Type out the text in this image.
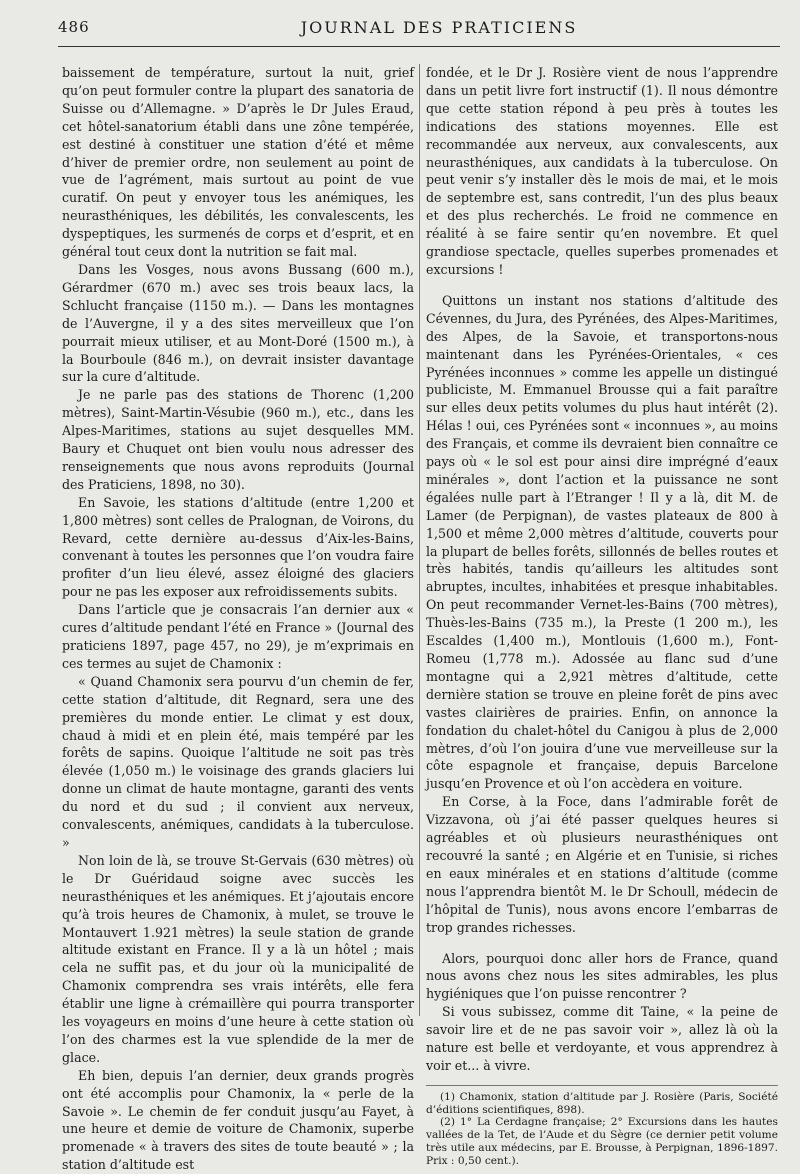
486	JOURNAL DES PRATICIENS

baissement de température, surtout la nuit, grief qu’on peut formuler contre la plupart des sanatoria de Suisse ou d’Allemagne. » D’après le Dr Jules Eraud, cet hôtel-sanatorium établi dans une zône tempérée, est destiné à constituer une station d’été et même d’hiver de premier ordre, non seulement au point de vue de l’agrément, mais surtout au point de vue curatif. On peut y envoyer tous les anémiques, les neurasthéniques, les débilités, les convalescents, les dyspeptiques, les surmenés de corps et d’esprit, et en général tout ceux dont la nutrition se fait mal.

Dans les Vosges, nous avons Bussang (600 m.), Gérardmer (670 m.) avec ses trois beaux lacs, la Schlucht française (1150 m.). — Dans les montagnes de l’Auvergne, il y a des sites merveilleux que l’on pourrait mieux utiliser, et au Mont-Doré (1500 m.), à la Bourboule (846 m.), on devrait insister davantage sur la cure d’altitude.

Je ne parle pas des stations de Thorenc (1,200 mètres), Saint-Martin-Vésubie (960 m.), etc., dans les Alpes-Maritimes, stations au sujet desquelles MM. Baury et Chuquet ont bien voulu nous adresser des renseignements que nous avons reproduits (Journal des Praticiens, 1898, no 30).

En Savoie, les stations d’altitude (entre 1,200 et 1,800 mètres) sont celles de Pralognan, de Voirons, du Revard, cette dernière au-dessus d’Aix-les-Bains, convenant à toutes les personnes que l’on voudra faire profiter d’un lieu élevé, assez éloigné des glaciers pour ne pas les exposer aux refroidissements subits.

Dans l’article que je consacrais l’an dernier aux « cures d’altitude pendant l’été en France » (Journal des praticiens 1897, page 457, no 29), je m’exprimais en ces termes au sujet de Chamonix :

« Quand Chamonix sera pourvu d’un chemin de fer, cette station d’altitude, dit Regnard, sera une des premières du monde entier. Le climat y est doux, chaud à midi et en plein été, mais tempéré par les forêts de sapins. Quoique l’altitude ne soit pas très élevée (1,050 m.) le voisinage des grands glaciers lui donne un climat de haute montagne, garanti des vents du nord et du sud ; il convient aux nerveux, convalescents, anémiques, candidats à la tuberculose. »

Non loin de là, se trouve St-Gervais (630 mètres) où le Dr Guéridaud soigne avec succès les neurasthéniques et les anémiques. Et j’ajoutais encore qu’à trois heures de Chamonix, à mulet, se trouve le Montauvert 1.921 mètres) la seule station de grande altitude existant en France. Il y a là un hôtel ; mais cela ne suffit pas, et du jour où la municipalité de Chamonix comprendra ses vrais intérêts, elle fera établir une ligne à crémaillère qui pourra transporter les voyageurs en moins d’une heure à cette station où l’on des charmes est la vue splendide de la mer de glace.

Eh bien, depuis l’an dernier, deux grands progrès ont été accomplis pour Chamonix, la « perle de la Savoie ». Le chemin de fer conduit jusqu’au Fayet, à une heure et demie de voiture de Chamonix, superbe promenade « à travers des sites de toute beauté » ; la station d’altitude est

fondée, et le Dr J. Rosière vient de nous l’apprendre dans un petit livre fort instructif (1). Il nous démontre que cette station répond à peu près à toutes les indications des stations moyennes. Elle est recommandée aux nerveux, aux convalescents, aux neurasthéniques, aux candidats à la tuberculose. On peut venir s’y installer dès le mois de mai, et le mois de septembre est, sans contredit, l’un des plus beaux et des plus recherchés. Le froid ne commence en réalité à se faire sentir qu’en novembre. Et quel grandiose spectacle, quelles superbes promenades et excursions !

Quittons un instant nos stations d’altitude des Cévennes, du Jura, des Pyrénées, des Alpes-Maritimes, des Alpes, de la Savoie, et transportons-nous maintenant dans les Pyrénées-Orientales, « ces Pyrénées inconnues » comme les appelle un distingué publiciste, M. Emmanuel Brousse qui a fait paraître sur elles deux petits volumes du plus haut intérêt (2). Hélas ! oui, ces Pyrénées sont « inconnues », au moins des Français, et comme ils devraient bien connaître ce pays où « le sol est pour ainsi dire imprégné d’eaux minérales », dont l’action et la puissance ne sont égalées nulle part à l’Etranger ! Il y a là, dit M. de Lamer (de Perpignan), de vastes plateaux de 800 à 1,500 et même 2,000 mètres d’altitude, couverts pour la plupart de belles forêts, sillonnés de belles routes et très habités, tandis qu’ailleurs les altitudes sont abruptes, incultes, inhabitées et presque inhabitables. On peut recommander Vernet-les-Bains (700 mètres), Thuès-les-Bains (735 m.), la Preste (1 200 m.), les Escaldes (1,400 m.), Montlouis (1,600 m.), Font-Romeu (1,778 m.). Adossée au flanc sud d’une montagne qui a 2,921 mètres d’altitude, cette dernière station se trouve en pleine forêt de pins avec vastes clairières de prairies. Enfin, on annonce la fondation du chalet-hôtel du Canigou à plus de 2,000 mètres, d’où l’on jouira d’une vue merveilleuse sur la côte espagnole et française, depuis Barcelone jusqu’en Provence et où l’on accèdera en voiture.

En Corse, à la Foce, dans l’admirable forêt de Vizzavona, où j’ai été passer quelques heures si agréables et où plusieurs neurasthéniques ont recouvré la santé ; en Algérie et en Tunisie, si riches en eaux minérales et en stations d’altitude (comme nous l’apprendra bientôt M. le Dr Schoull, médecin de l’hôpital de Tunis), nous avons encore l’embarras de trop grandes richesses.

Alors, pourquoi donc aller hors de France, quand nous avons chez nous les sites admirables, les plus hygiéniques que l’on puisse rencontrer ?

Si vous subissez, comme dit Taine, « la peine de savoir lire et de ne pas savoir voir », allez là où la nature est belle et verdoyante, et vous apprendrez à voir et... à vivre.

(1) Chamonix, station d’altitude par J. Rosière (Paris, Société d’éditions scientifiques, 898).

(2) 1° La Cerdagne française; 2° Excursions dans les hautes vallées de la Tet, de l’Aude et du Sègre (ce dernier petit volume très utile aux médecins, par E. Brousse, à Perpignan, 1896-1897. Prix : 0,50 cent.).
